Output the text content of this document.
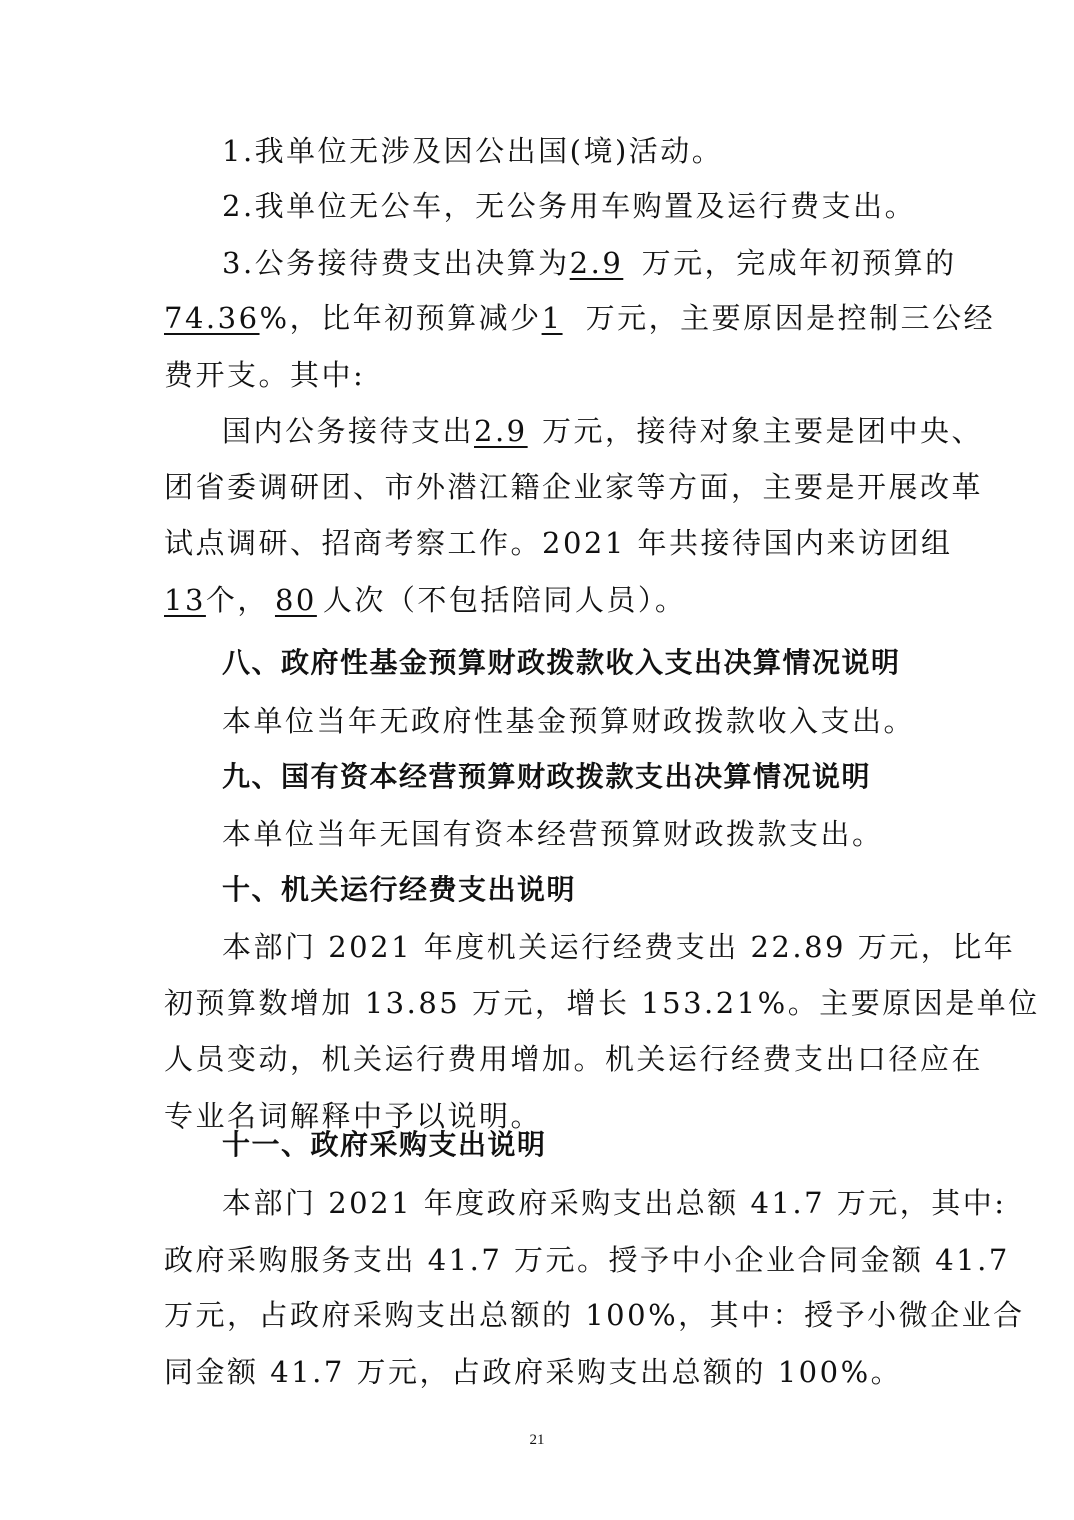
1.我单位无涉及因公出国(境)活动。
2.我单位无公车，无公务用车购置及运行费支出。
3.公务接待费支出决算为2.9 万元，完成年初预算的
74.36%，比年初预算减少1 万元，主要原因是控制三公经
费开支。其中:
国内公务接待支出2.9 万元，接待对象主要是团中央、
团省委调研团、市外潜江籍企业家等方面，主要是开展改革
试点调研、招商考察工作。2021 年共接待国内来访团组
13个， 80 人次（不包括陪同人员）。
八、政府性基金预算财政拨款收入支出决算情况说明
本单位当年无政府性基金预算财政拨款收入支出。
九、国有资本经营预算财政拨款支出决算情况说明
本单位当年无国有资本经营预算财政拨款支出。
十、机关运行经费支出说明
本部门 2021 年度机关运行经费支出 22.89 万元，比年
初预算数增加 13.85 万元，增长 153.21%。主要原因是单位
人员变动，机关运行费用增加。机关运行经费支出口径应在
专业名词解释中予以说明。
十一、政府采购支出说明
本部门 2021 年度政府采购支出总额 41.7 万元，其中:
政府采购服务支出 41.7 万元。授予中小企业合同金额 41.7
万元，占政府采购支出总额的 100%，其中：授予小微企业合
同金额 41.7 万元，占政府采购支出总额的 100%。
21
